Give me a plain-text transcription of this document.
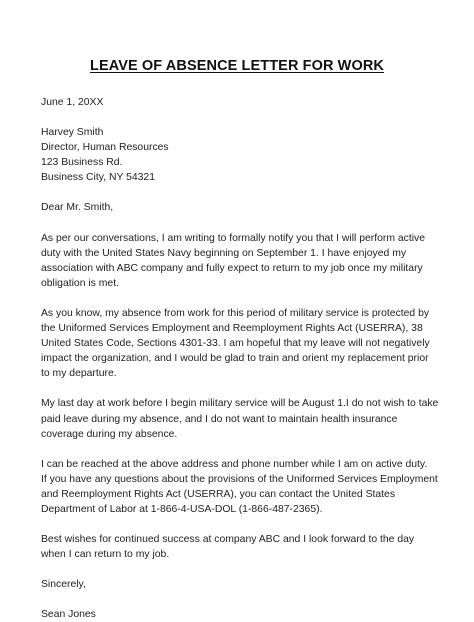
LEAVE OF ABSENCE LETTER FOR WORK
June 1, 20XX
Harvey Smith
Director, Human Resources
123 Business Rd.
Business City, NY 54321
Dear Mr. Smith,
As per our conversations, I am writing to formally notify you that I will perform active
duty with the United States Navy beginning on September 1. I have enjoyed my
association with ABC company and fully expect to return to my job once my military
obligation is met.
As you know, my absence from work for this period of military service is protected by
the Uniformed Services Employment and Reemployment Rights Act (USERRA), 38
United States Code, Sections 4301-33. I am hopeful that my leave will not negatively
impact the organization, and I would be glad to train and orient my replacement prior
to my departure.
My last day at work before I begin military service will be August 1.I do not wish to take
paid leave during my absence, and I do not want to maintain health insurance
coverage during my absence.
I can be reached at the above address and phone number while I am on active duty.
If you have any questions about the provisions of the Uniformed Services Employment
and Reemployment Rights Act (USERRA), you can contact the United States
Department of Labor at 1-866-4-USA-DOL (1-866-487-2365).
Best wishes for continued success at company ABC and I look forward to the day
when I can return to my job.
Sincerely,
Sean Jones
